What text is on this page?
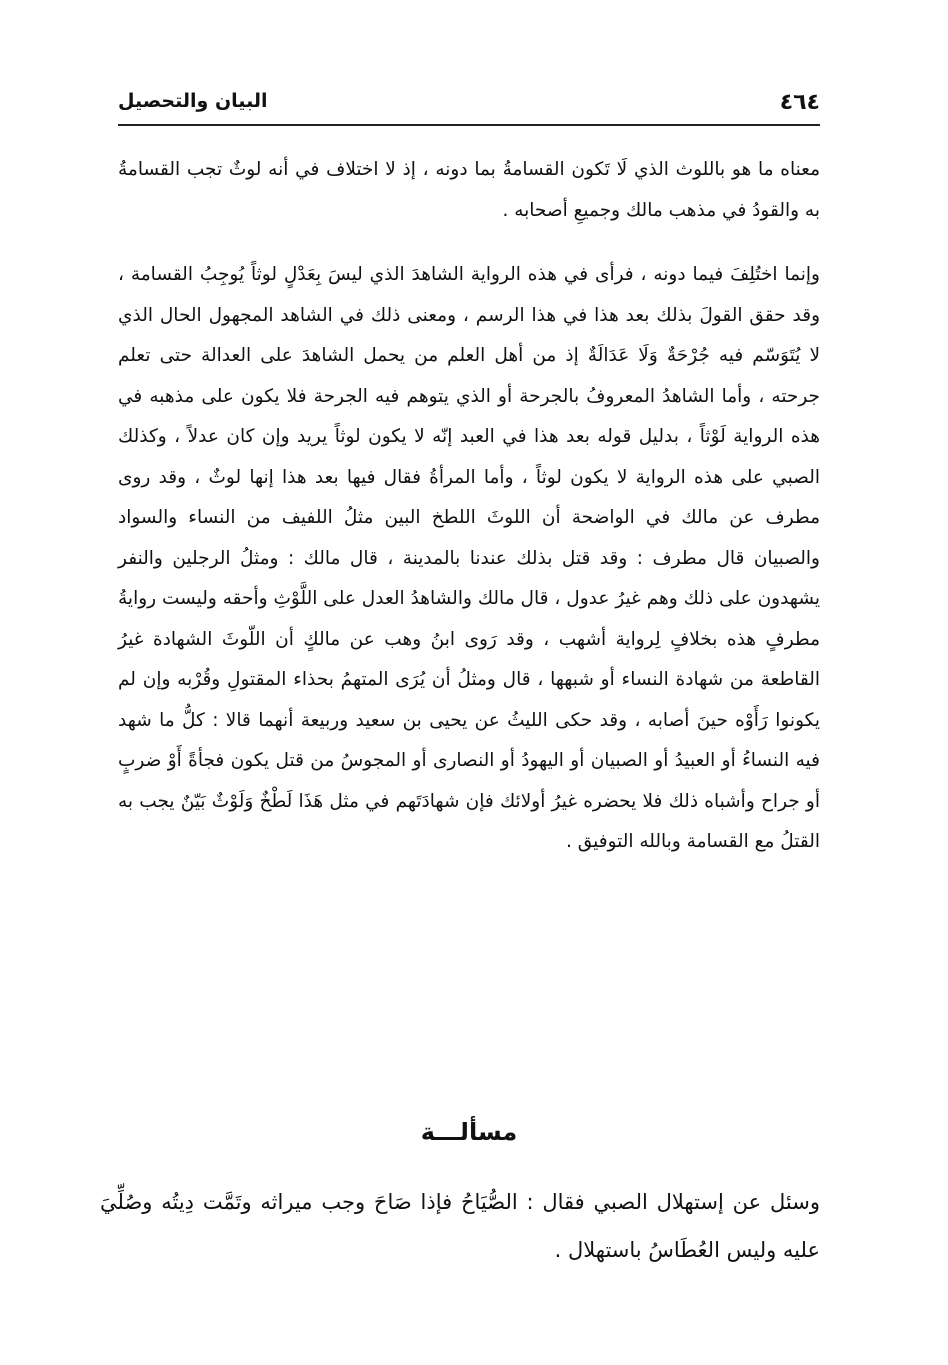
٤٦٤
البيان والتحصيل

معناه ما هو باللوث الذي لَا تَكون القسامةُ بما دونه ، إذ لا اختلاف في أنه لوثٌ تجب القسامةُ به والقودُ في مذهب مالك وجميعِ أصحابه .

وإنما اختُلِفَ فيما دونه ، فرأى في هذه الرواية الشاهدَ الذي ليسَ بِعَدْلٍ لوثاً يُوجِبُ القسامة ، وقد حقق القولَ بذلك بعد هذا في هذا الرسم ، ومعنى ذلك في الشاهد المجهول الحال الذي لا يُتَوَسّم فيه جُرْحَةٌ وَلَا عَدَالَةٌ إذ من أهل العلم من يحمل الشاهدَ على العدالة حتى تعلم جرحته ، وأما الشاهدُ المعروفُ بالجرحة أو الذي يتوهم فيه الجرحة فلا يكون على مذهبه في هذه الرواية لَوْثاً ، بدليل قوله بعد هذا في العبد إنّه لا يكون لوثاً يريد وإن كان عدلاً ، وكذلك الصبي على هذه الرواية لا يكون لوثاً ، وأما المرأةُ فقال فيها بعد هذا إنها لوثٌ ، وقد روى مطرف عن مالك في الواضحة أن اللوثَ اللطخ البين مثلُ اللفيف من النساء والسواد والصبيان قال مطرف : وقد قتل بذلك عندنا بالمدينة ، قال مالك : ومثلُ الرجلين والنفر يشهدون على ذلك وهم غيرُ عدول ، قال مالك والشاهدُ العدل على اللَّوْثِ وأحقه وليست روايةُ مطرفٍ هذه بخلافٍ لِرواية أشهب ، وقد رَوى ابنُ وهب عن مالكٍ أن اللّوثَ الشهادة غيرُ القاطعة من شهادة النساء أو شبهها ، قال ومثلُ أن يُرَى المتهمُ بحذاء المقتولِ وقُرْبه وإن لم يكونوا رَأَوْه حينَ أصابه ، وقد حكى الليثُ عن يحيى بن سعيد وربيعة أنهما قالا : كلُّ ما شهد فيه النساءُ أو العبيدُ أو الصبيان أو اليهودُ أو النصارى أو المجوسُ من قتل يكون فجأةً أَوْ ضربٍ أو جراح وأشباه ذلك فلا يحضره غيرُ أولائك فإن شهادَتَهم في مثل هَذَا لَطْخٌ وَلَوْثٌ بَيّنٌ يجب به القتلُ مع القسامة وبالله التوفيق .

مسألـــة
وسئل عن إستهلال الصبي فقال : الصُّيَاحُ فإذا صَاحَ وجب ميراثه وتَمَّت دِيتُه وصُلِّيَ عليه وليس العُطَاسُ باستهلال .
